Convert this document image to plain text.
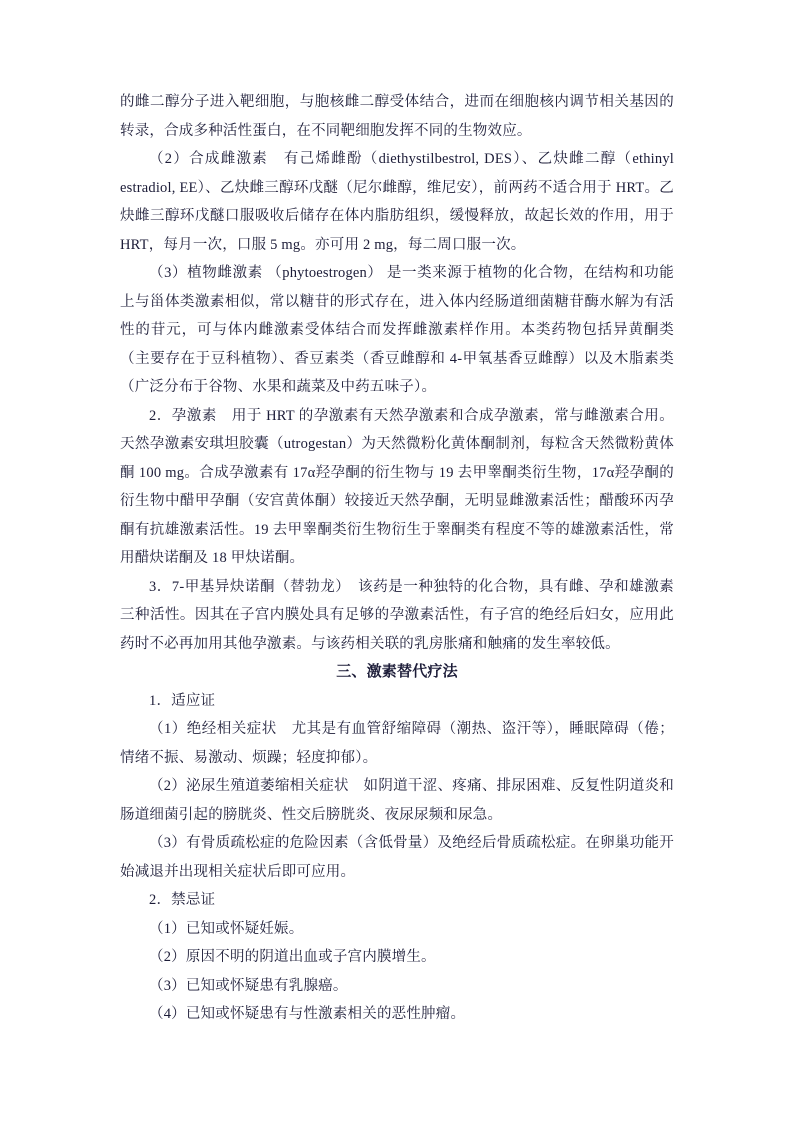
的雌二醇分子进入靶细胞，与胞核雌二醇受体结合，进而在细胞核内调节相关基因的转录，合成多种活性蛋白，在不同靶细胞发挥不同的生物效应。

（2）合成雌激素　有己烯雌酚（diethystilbestrol, DES）、乙炔雌二醇（ethinyl estradiol, EE）、乙炔雌三醇环戊醚（尼尔雌醇，维尼安），前两药不适合用于 HRT。乙炔雌三醇环戊醚口服吸收后储存在体内脂肪组织，缓慢释放，故起长效的作用，用于 HRT，每月一次，口服 5 mg。亦可用 2 mg，每二周口服一次。

（3）植物雌激素 （phytoestrogen） 是一类来源于植物的化合物，在结构和功能上与甾体类激素相似，常以糖苷的形式存在，进入体内经肠道细菌糖苷酶水解为有活性的苷元，可与体内雌激素受体结合而发挥雌激素样作用。本类药物包括异黄酮类（主要存在于豆科植物）、香豆素类（香豆雌醇和 4-甲氧基香豆雌醇）以及木脂素类（广泛分布于谷物、水果和蔬菜及中药五味子）。

2．孕激素　用于 HRT 的孕激素有天然孕激素和合成孕激素，常与雌激素合用。天然孕激素安琪坦胶囊（utrogestan）为天然微粉化黄体酮制剂，每粒含天然微粉黄体酮 100 mg。合成孕激素有 17α羟孕酮的衍生物与 19 去甲睾酮类衍生物，17α羟孕酮的衍生物中醋甲孕酮（安宫黄体酮）较接近天然孕酮，无明显雌激素活性；醋酸环丙孕酮有抗雄激素活性。19 去甲睾酮类衍生物衍生于睾酮类有程度不等的雄激素活性，常用醋炔诺酮及 18 甲炔诺酮。

3．7-甲基异炔诺酮（替勃龙）　该药是一种独特的化合物，具有雌、孕和雄激素三种活性。因其在子宫内膜处具有足够的孕激素活性，有子宫的绝经后妇女，应用此药时不必再加用其他孕激素。与该药相关联的乳房胀痛和触痛的发生率较低。

三、激素替代疗法

1．适应证

（1）绝经相关症状　尤其是有血管舒缩障碍（潮热、盗汗等），睡眠障碍（倦；情绪不振、易激动、烦躁；轻度抑郁）。

（2）泌尿生殖道萎缩相关症状　如阴道干涩、疼痛、排尿困难、反复性阴道炎和肠道细菌引起的膀胱炎、性交后膀胱炎、夜尿尿频和尿急。

（3）有骨质疏松症的危险因素（含低骨量）及绝经后骨质疏松症。在卵巢功能开始减退并出现相关症状后即可应用。

2．禁忌证

（1）已知或怀疑妊娠。

（2）原因不明的阴道出血或子宫内膜增生。

（3）已知或怀疑患有乳腺癌。

（4）已知或怀疑患有与性激素相关的恶性肿瘤。
